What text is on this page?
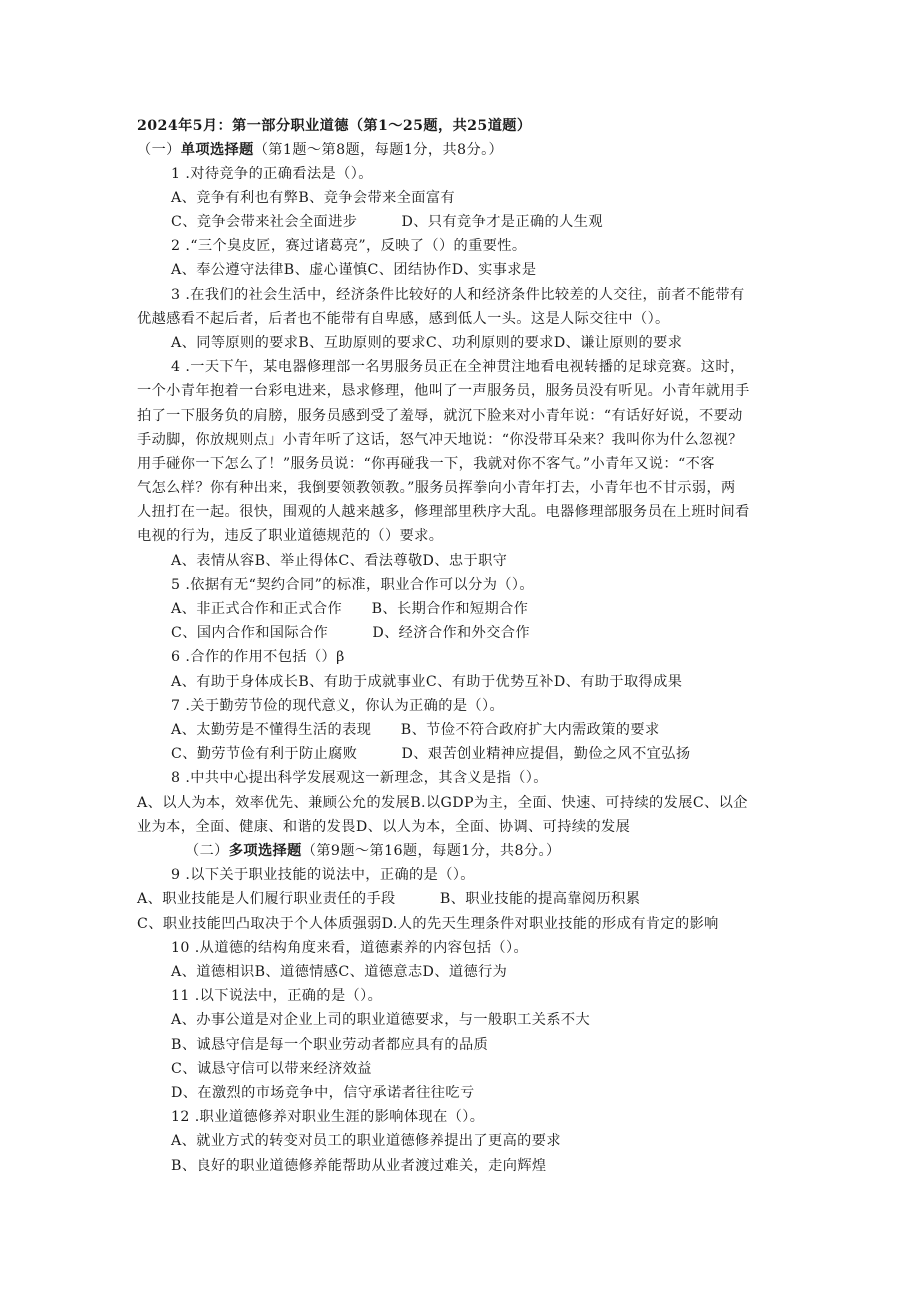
2024年5月：第一部分职业道德（第1～25题，共25道题）
（一）单项选择题（第1题～第8题，每题1分，共8分。）
1 .对待竞争的正确看法是（）。
A、竞争有利也有弊B、竞争会带来全面富有
C、竞争会带来社会全面进步         D、只有竞争才是正确的人生观
2 .“三个臭皮匠，赛过诸葛亮”，反映了（）的重要性。
A、奉公遵守法律B、虚心谨慎C、团结协作D、实事求是
3 .在我们的社会生活中，经济条件比较好的人和经济条件比较差的人交往，前者不能带有
优越感看不起后者，后者也不能带有自卑感，感到低人一头。这是人际交往中（）。
A、同等原则的要求B、互助原则的要求C、功利原则的要求D、谦让原则的要求
4 .一天下午，某电器修理部一名男服务员正在全神贯注地看电视转播的足球竞赛。这时，
一个小青年抱着一台彩电进来，恳求修理，他叫了一声服务员，服务员没有听见。小青年就用手
拍了一下服务负的肩膀，服务员感到受了羞辱，就沉下脸来对小青年说：“有话好好说，不要动
手动脚，你放规则点」小青年听了这话，怒气冲天地说：“你没带耳朵来？我叫你为什么忽视？
用手碰你一下怎么了！”服务员说：“你再碰我一下，我就对你不客气。”小青年又说：“不客
气怎么样？你有种出来，我倒要领教领教。”服务员挥拳向小青年打去，小青年也不甘示弱，两
人扭打在一起。很快，围观的人越来越多，修理部里秩序大乱。电器修理部服务员在上班时间看
电视的行为，违反了职业道德规范的（）要求。
A、表情从容B、举止得体C、看法尊敬D、忠于职守
5 .依据有无“契约合同”的标准，职业合作可以分为（）。
A、非正式合作和正式合作      B、长期合作和短期合作
C、国内合作和国际合作         D、经济合作和外交合作
6 .合作的作用不包括（）β
A、有助于身体成长B、有助于成就事业C、有助于优势互补D、有助于取得成果
7 .关于勤劳节俭的现代意义，你认为正确的是（）。
A、太勤劳是不懂得生活的表现      B、节俭不符合政府扩大内需政策的要求
C、勤劳节俭有利于防止腐败         D、艰苦创业精神应提倡，勤俭之风不宜弘扬
8 .中共中心提出科学发展观这一新理念，其含义是指（）。
A、以人为本，效率优先、兼顾公允的发展B.以GDP为主，全面、快速、可持续的发展C、以企
业为本，全面、健康、和谐的发畏D、以人为本，全面、协调、可持续的发展
（二）多项选择题（第9题～第16题，每题1分，共8分。）
9 .以下关于职业技能的说法中，正确的是（）。
A、职业技能是人们履行职业责任的手段         B、职业技能的提高靠阅历积累
C、职业技能凹凸取决于个人体质强弱D.人的先天生理条件对职业技能的形成有肯定的影响
10 .从道德的结构角度来看，道德素养的内容包括（）。
A、道德相识B、道德情感C、道德意志D、道德行为
11 .以下说法中，正确的是（）。
A、办事公道是对企业上司的职业道德要求，与一般职工关系不大
B、诚恳守信是每一个职业劳动者都应具有的品质
C、诚恳守信可以带来经济效益
D、在激烈的市场竞争中，信守承诺者往往吃亏
12 .职业道德修养对职业生涯的影响体现在（）。
A、就业方式的转变对员工的职业道德修养提出了更高的要求
B、良好的职业道德修养能帮助从业者渡过难关，走向辉煌
